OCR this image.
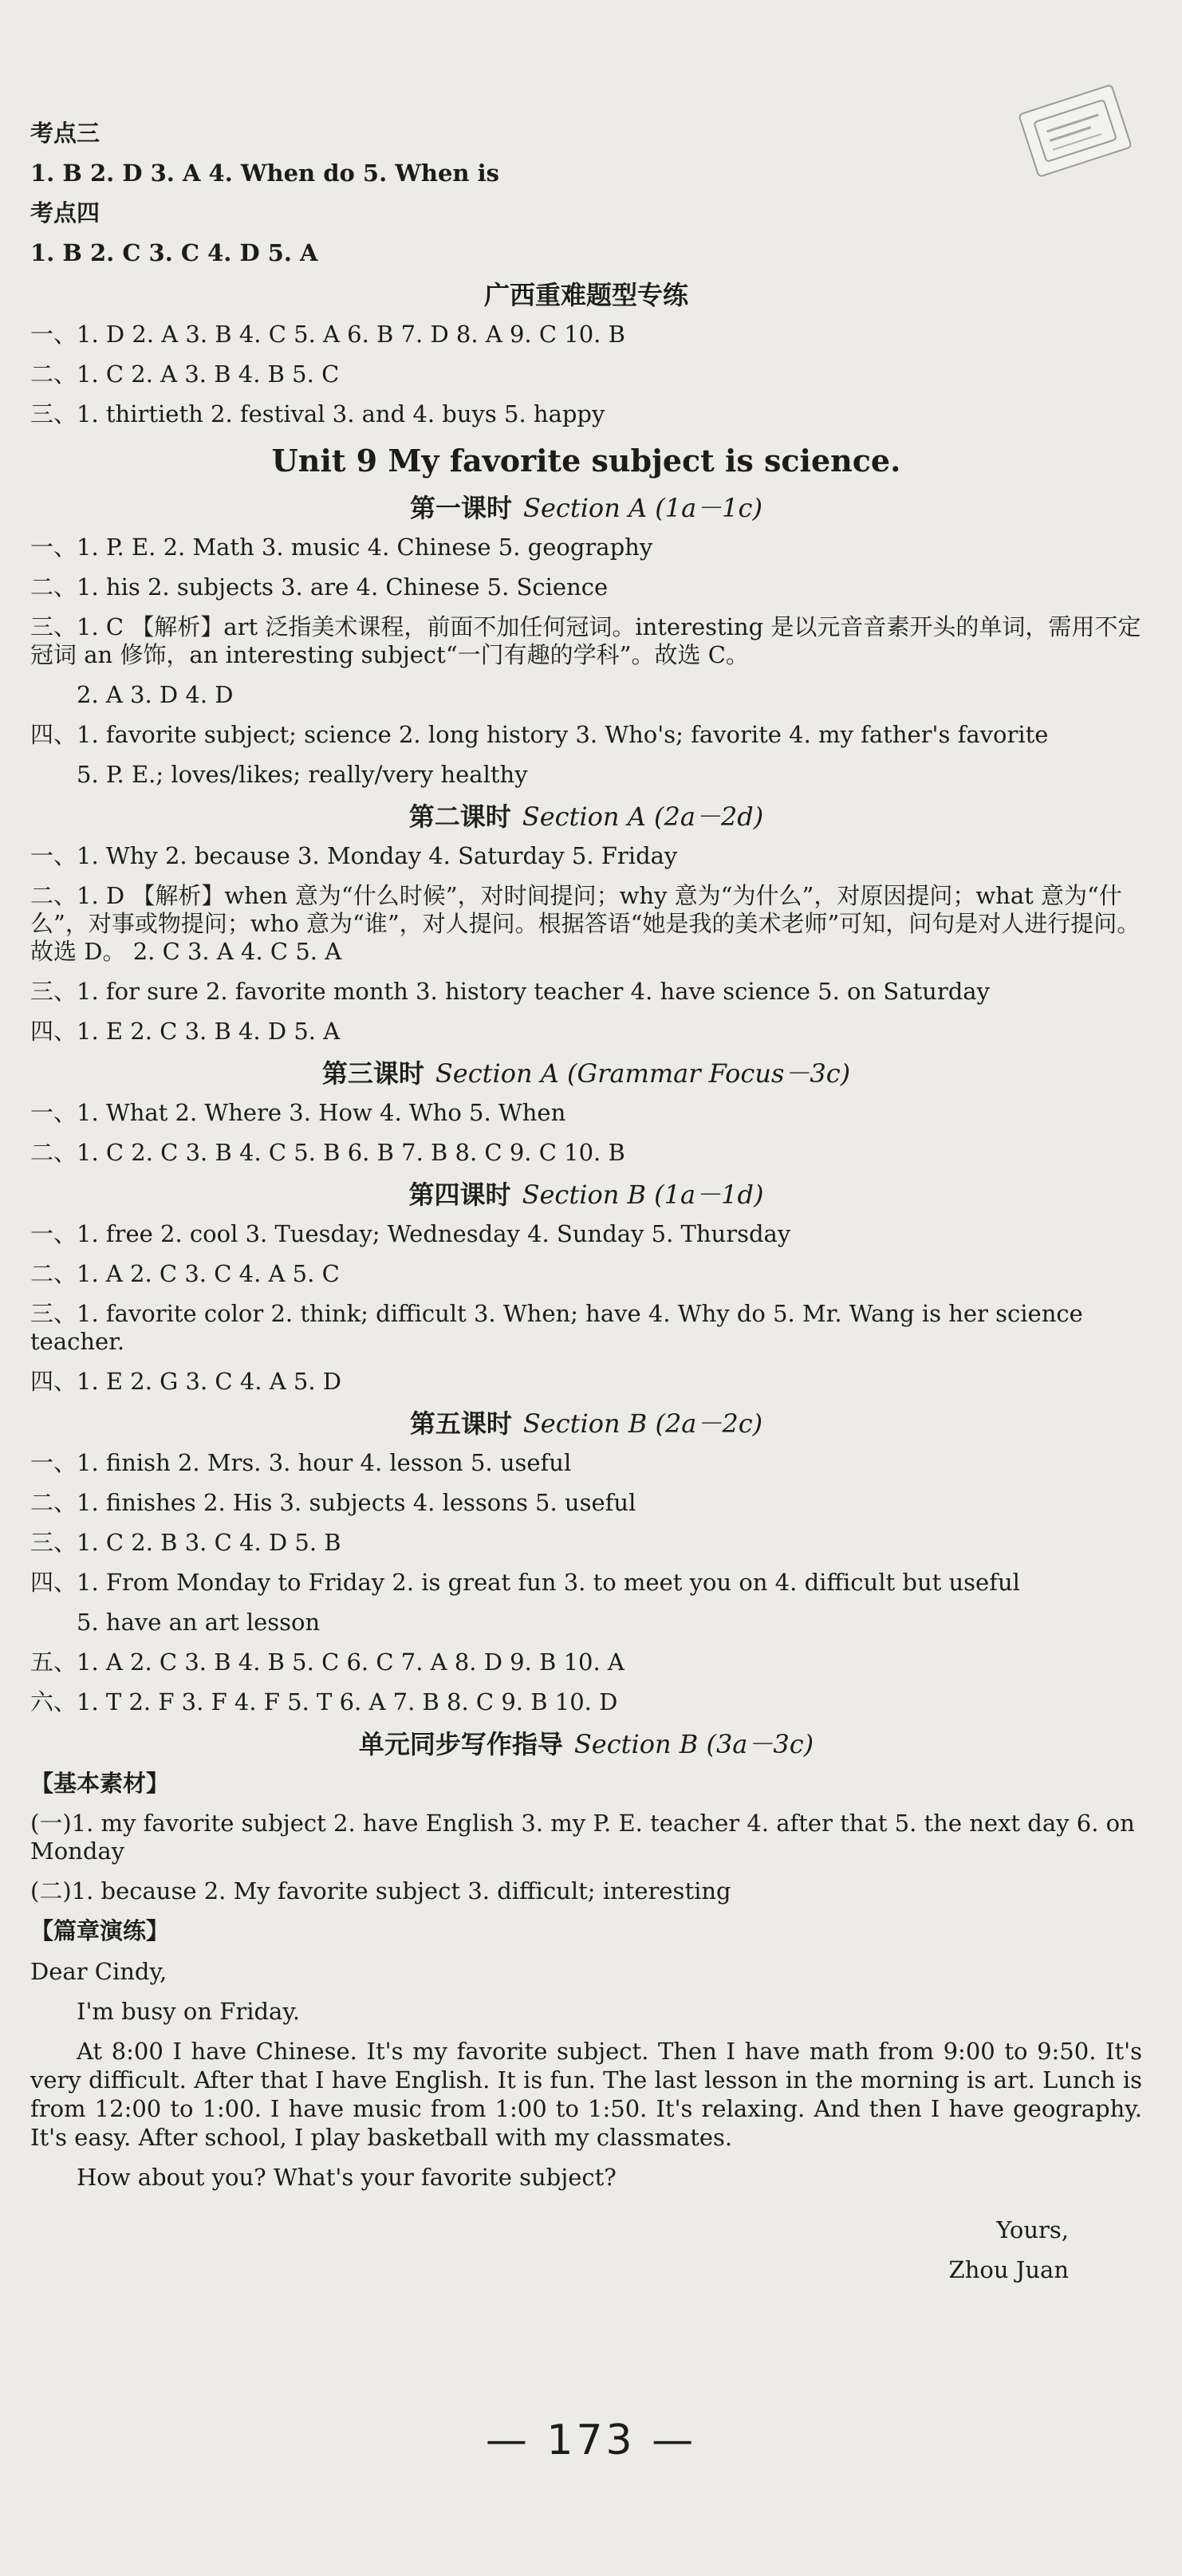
考点三
1. B 2. D 3. A 4. When do 5. When is
考点四
1. B 2. C 3. C 4. D 5. A
广西重难题型专练
一、1. D 2. A 3. B 4. C 5. A 6. B 7. D 8. A 9. C 10. B
二、1. C 2. A 3. B 4. B 5. C
三、1. thirtieth 2. festival 3. and 4. buys 5. happy
Unit 9 My favorite subject is science.
第一课时 Section A (1a－1c)
一、1. P. E. 2. Math 3. music 4. Chinese 5. geography
二、1. his 2. subjects 3. are 4. Chinese 5. Science
三、1. C 【解析】art 泛指美术课程，前面不加任何冠词。interesting 是以元音音素开头的单词，需用不定冠词 an 修饰，an interesting subject“一门有趣的学科”。故选 C。
2. A 3. D 4. D
四、1. favorite subject; science 2. long history 3. Who's; favorite 4. my father's favorite
5. P. E.; loves/likes; really/very healthy
第二课时 Section A (2a－2d)
一、1. Why 2. because 3. Monday 4. Saturday 5. Friday
二、1. D 【解析】when 意为“什么时候”，对时间提问；why 意为“为什么”，对原因提问；what 意为“什么”，对事或物提问；who 意为“谁”，对人提问。根据答语“她是我的美术老师”可知，问句是对人进行提问。故选 D。 2. C 3. A 4. C 5. A
三、1. for sure 2. favorite month 3. history teacher 4. have science 5. on Saturday
四、1. E 2. C 3. B 4. D 5. A
第三课时 Section A (Grammar Focus－3c)
一、1. What 2. Where 3. How 4. Who 5. When
二、1. C 2. C 3. B 4. C 5. B 6. B 7. B 8. C 9. C 10. B
第四课时 Section B (1a－1d)
一、1. free 2. cool 3. Tuesday; Wednesday 4. Sunday 5. Thursday
二、1. A 2. C 3. C 4. A 5. C
三、1. favorite color 2. think; difficult 3. When; have 4. Why do 5. Mr. Wang is her science teacher.
四、1. E 2. G 3. C 4. A 5. D
第五课时 Section B (2a－2c)
一、1. finish 2. Mrs. 3. hour 4. lesson 5. useful
二、1. finishes 2. His 3. subjects 4. lessons 5. useful
三、1. C 2. B 3. C 4. D 5. B
四、1. From Monday to Friday 2. is great fun 3. to meet you on 4. difficult but useful
5. have an art lesson
五、1. A 2. C 3. B 4. B 5. C 6. C 7. A 8. D 9. B 10. A
六、1. T 2. F 3. F 4. F 5. T 6. A 7. B 8. C 9. B 10. D
单元同步写作指导 Section B (3a－3c)
【基本素材】
(一)1. my favorite subject 2. have English 3. my P. E. teacher 4. after that 5. the next day 6. on Monday
(二)1. because 2. My favorite subject 3. difficult; interesting
【篇章演练】
Dear Cindy,
I'm busy on Friday.
At 8:00 I have Chinese. It's my favorite subject. Then I have math from 9:00 to 9:50. It's very difficult. After that I have English. It is fun. The last lesson in the morning is art. Lunch is from 12:00 to 1:00. I have music from 1:00 to 1:50. It's relaxing. And then I have geography. It's easy. After school, I play basketball with my classmates.
How about you? What's your favorite subject?
Yours,
Zhou Juan
— 173 —
